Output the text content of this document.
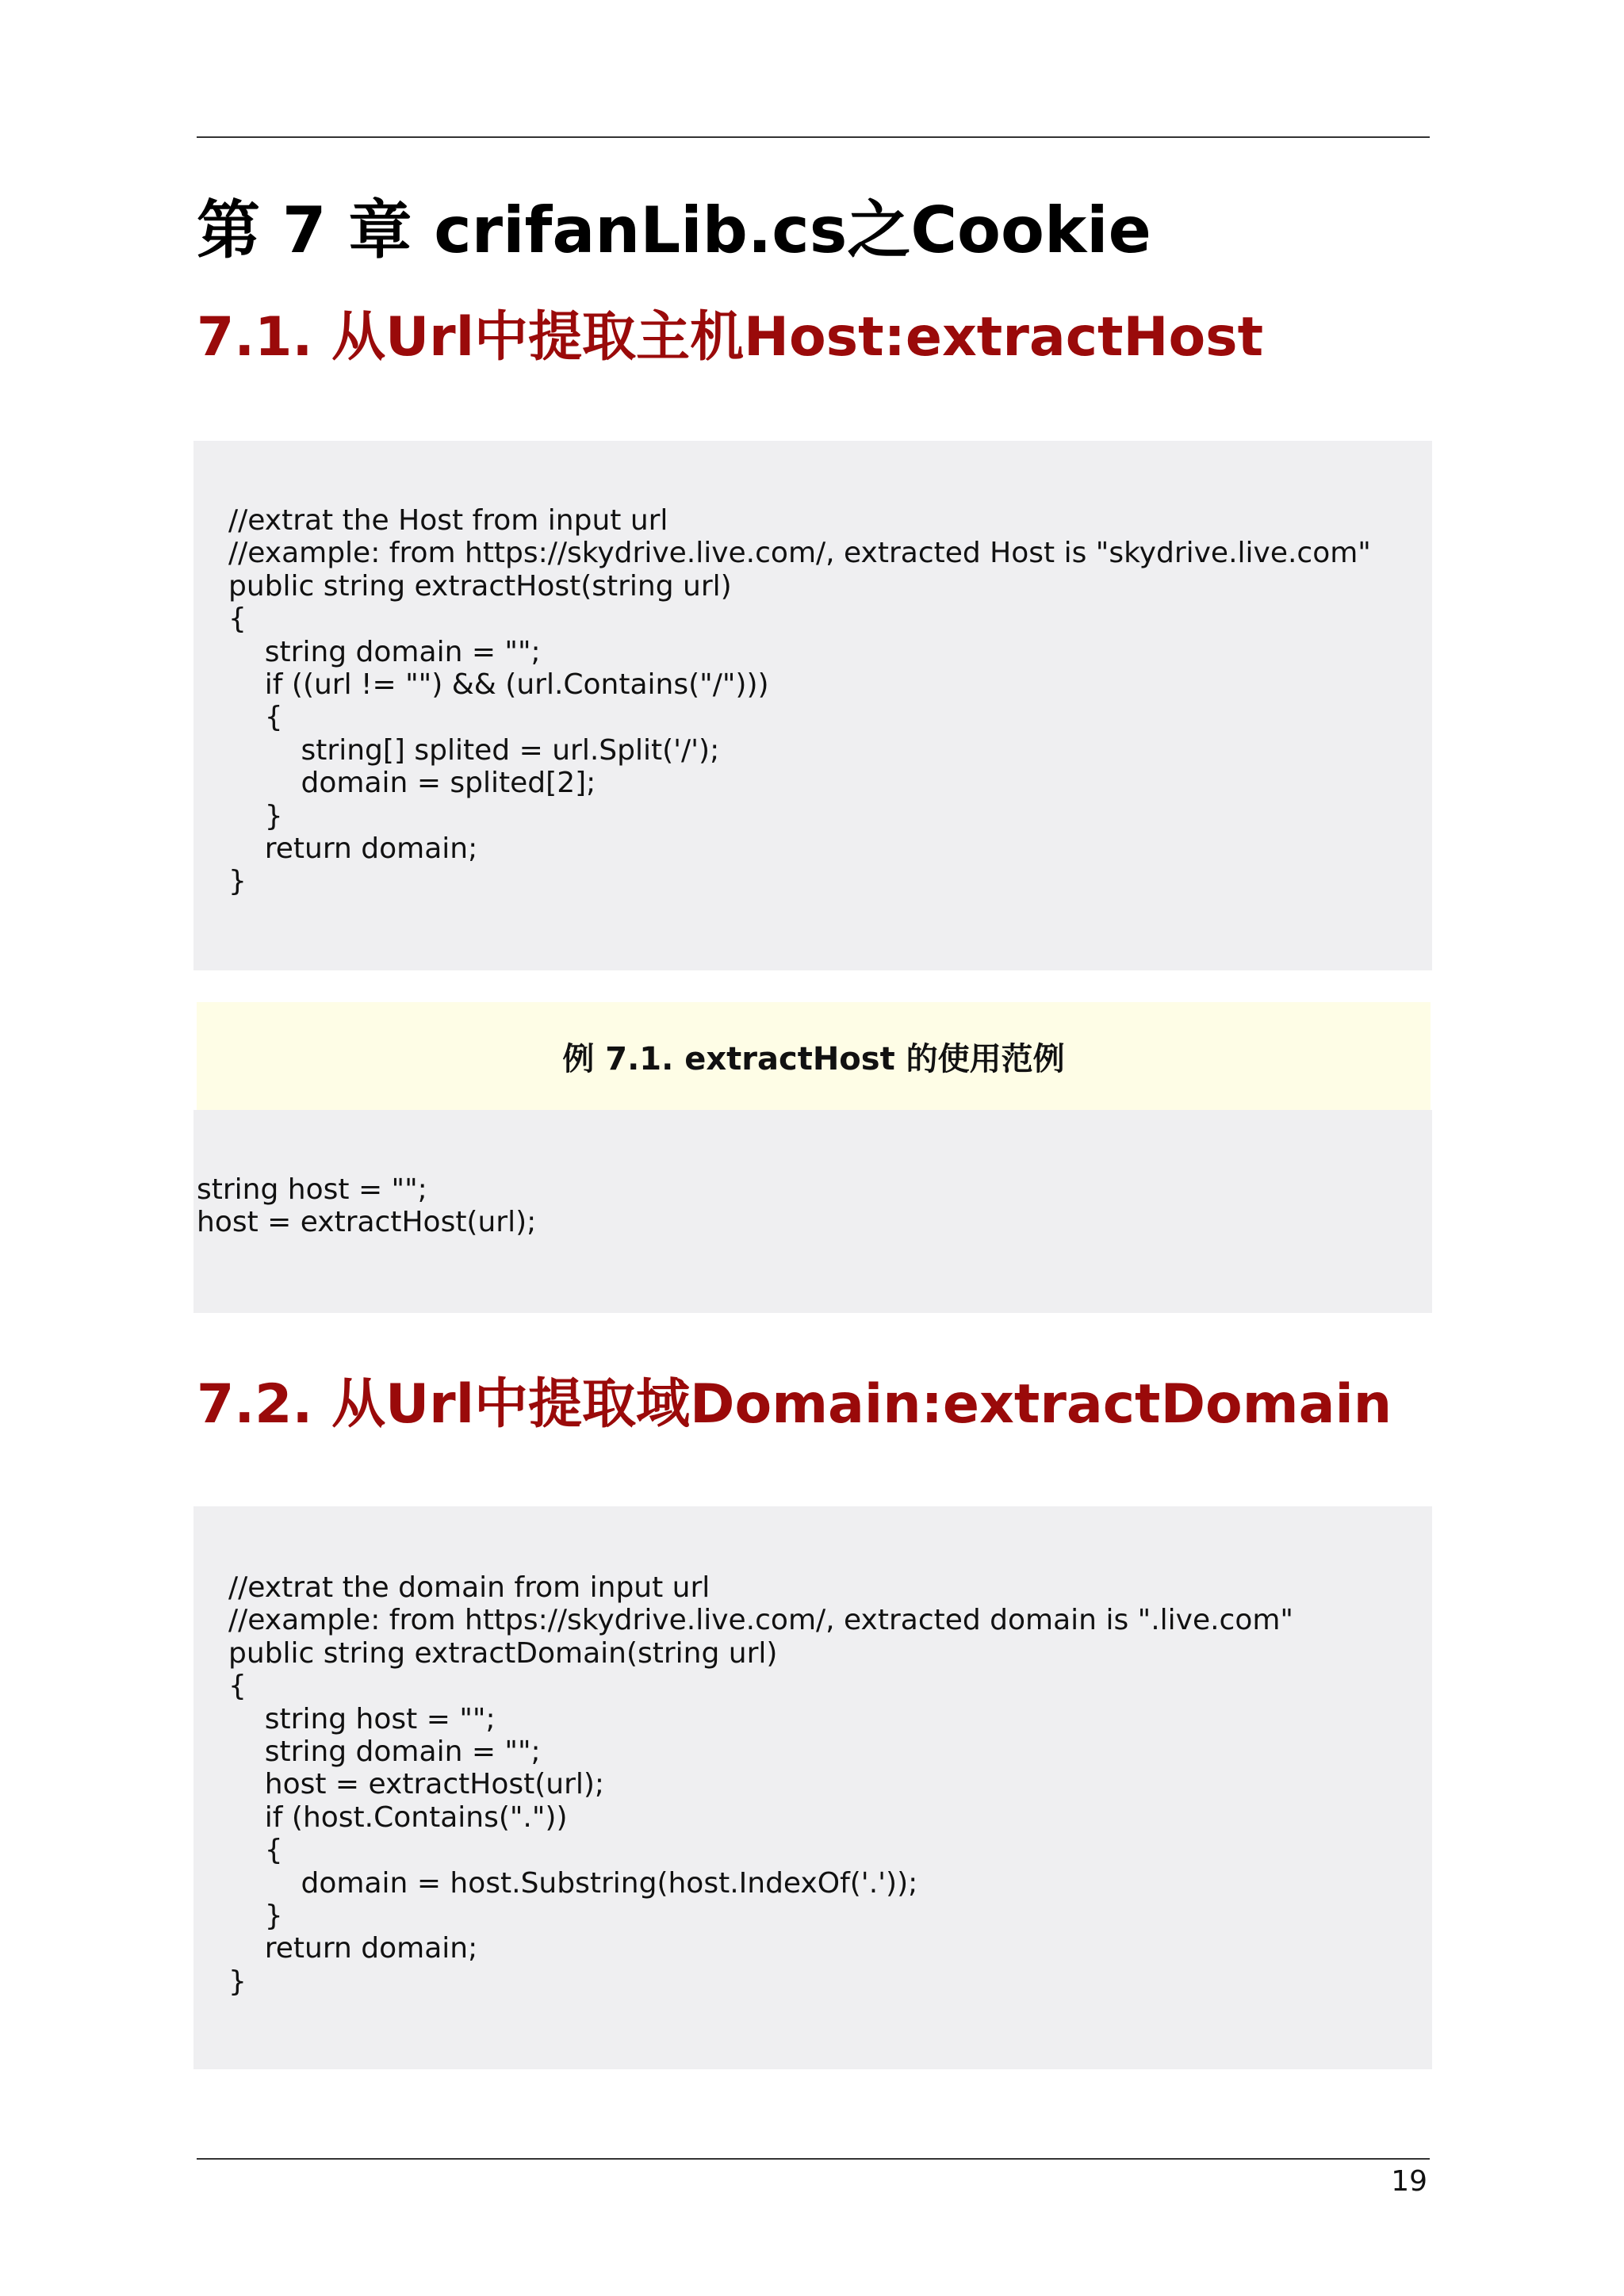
第 7 章 crifanLib.cs之Cookie
7.1. 从Url中提取主机Host:extractHost
//extrat the Host from input url
//example: from https://skydrive.live.com/, extracted Host is "skydrive.live.com"
public string extractHost(string url)
{
string domain = "";
if ((url != "") && (url.Contains("/")))
{
string[] splited = url.Split('/');
domain = splited[2];
}
return domain;
}
例 7.1. extractHost 的使用范例
string host = "";
host = extractHost(url);
7.2. 从Url中提取域Domain:extractDomain
//extrat the domain from input url
//example: from https://skydrive.live.com/, extracted domain is ".live.com"
public string extractDomain(string url)
{
string host = "";
string domain = "";
host = extractHost(url);
if (host.Contains("."))
{
domain = host.Substring(host.IndexOf('.'));
}
return domain;
}
19
